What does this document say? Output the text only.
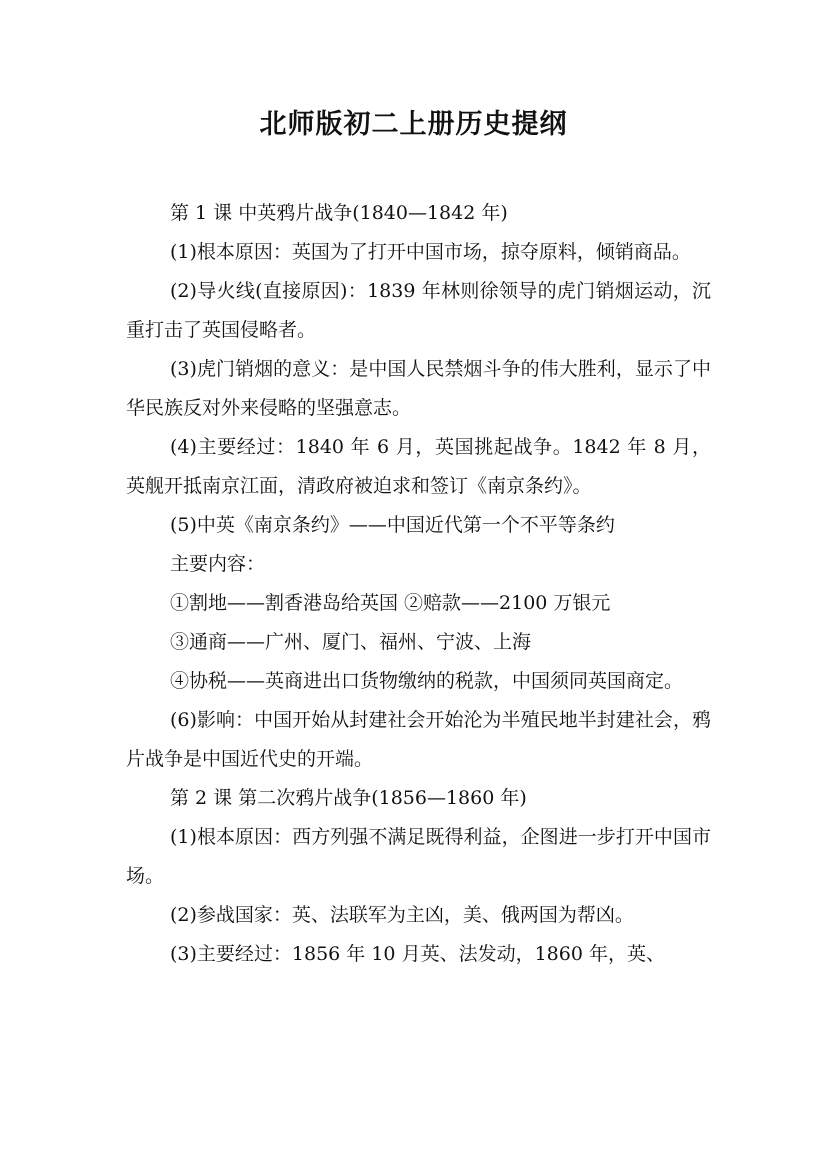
北师版初二上册历史提纲

第 1 课 中英鸦片战争(1840—1842 年)

(1)根本原因：英国为了打开中国市场，掠夺原料，倾销商品。

(2)导火线(直接原因)：1839 年林则徐领导的虎门销烟运动，沉重打击了英国侵略者。

(3)虎门销烟的意义：是中国人民禁烟斗争的伟大胜利，显示了中华民族反对外来侵略的坚强意志。

(4)主要经过：1840 年 6 月，英国挑起战争。1842 年 8 月，英舰开抵南京江面，清政府被迫求和签订《南京条约》。

(5)中英《南京条约》——中国近代第一个不平等条约

主要内容：

①割地——割香港岛给英国 ②赔款——2100 万银元

③通商——广州、厦门、福州、宁波、上海

④协税——英商进出口货物缴纳的税款，中国须同英国商定。

(6)影响：中国开始从封建社会开始沦为半殖民地半封建社会，鸦片战争是中国近代史的开端。

第 2 课 第二次鸦片战争(1856—1860 年)

(1)根本原因：西方列强不满足既得利益，企图进一步打开中国市场。

(2)参战国家：英、法联军为主凶，美、俄两国为帮凶。

(3)主要经过：1856 年 10 月英、法发动，1860 年，英、
